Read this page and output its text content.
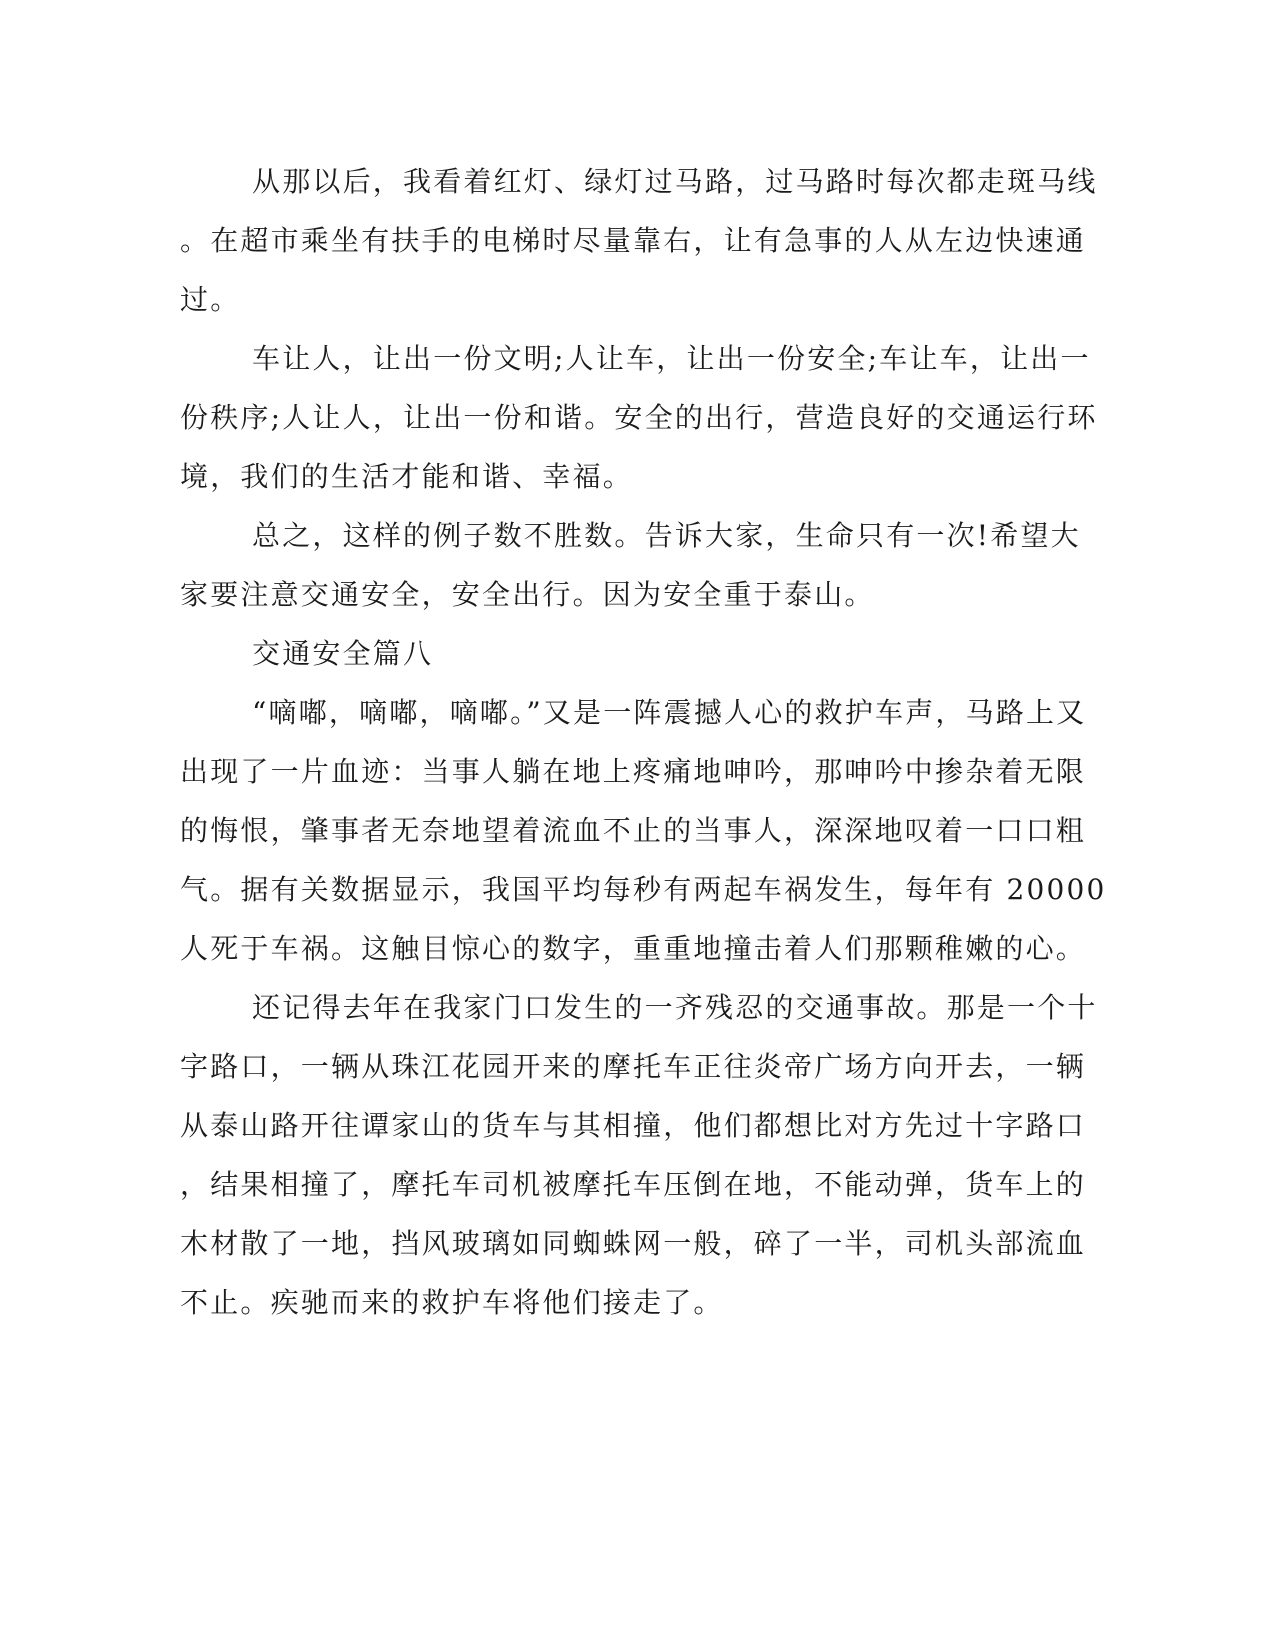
从那以后，我看着红灯、绿灯过马路，过马路时每次都走斑马线
。在超市乘坐有扶手的电梯时尽量靠右，让有急事的人从左边快速通
过。
车让人，让出一份文明;人让车，让出一份安全;车让车，让出一
份秩序;人让人，让出一份和谐。安全的出行，营造良好的交通运行环
境，我们的生活才能和谐、幸福。
总之，这样的例子数不胜数。告诉大家，生命只有一次!希望大
家要注意交通安全，安全出行。因为安全重于泰山。
交通安全篇八
“嘀嘟，嘀嘟，嘀嘟。”又是一阵震撼人心的救护车声，马路上又
出现了一片血迹：当事人躺在地上疼痛地呻吟，那呻吟中掺杂着无限
的悔恨，肇事者无奈地望着流血不止的当事人，深深地叹着一口口粗
气。据有关数据显示，我国平均每秒有两起车祸发生，每年有 20000
人死于车祸。这触目惊心的数字，重重地撞击着人们那颗稚嫩的心。
还记得去年在我家门口发生的一齐残忍的交通事故。那是一个十
字路口，一辆从珠江花园开来的摩托车正往炎帝广场方向开去，一辆
从泰山路开往谭家山的货车与其相撞，他们都想比对方先过十字路口
，结果相撞了，摩托车司机被摩托车压倒在地，不能动弹，货车上的
木材散了一地，挡风玻璃如同蜘蛛网一般，碎了一半，司机头部流血
不止。疾驰而来的救护车将他们接走了。
